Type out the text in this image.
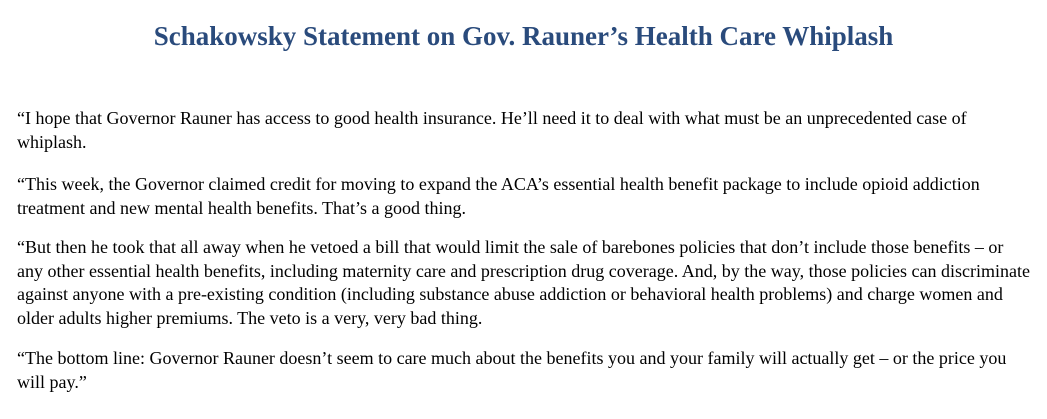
Schakowsky Statement on Gov. Rauner’s Health Care Whiplash

“I hope that Governor Rauner has access to good health insurance. He’ll need it to deal with what must be an unprecedented case of whiplash.

“This week, the Governor claimed credit for moving to expand the ACA’s essential health benefit package to include opioid addiction treatment and new mental health benefits. That’s a good thing.

“But then he took that all away when he vetoed a bill that would limit the sale of barebones policies that don’t include those benefits – or any other essential health benefits, including maternity care and prescription drug coverage. And, by the way, those policies can discriminate against anyone with a pre-existing condition (including substance abuse addiction or behavioral health problems) and charge women and older adults higher premiums. The veto is a very, very bad thing.

“The bottom line: Governor Rauner doesn’t seem to care much about the benefits you and your family will actually get – or the price you will pay.”
